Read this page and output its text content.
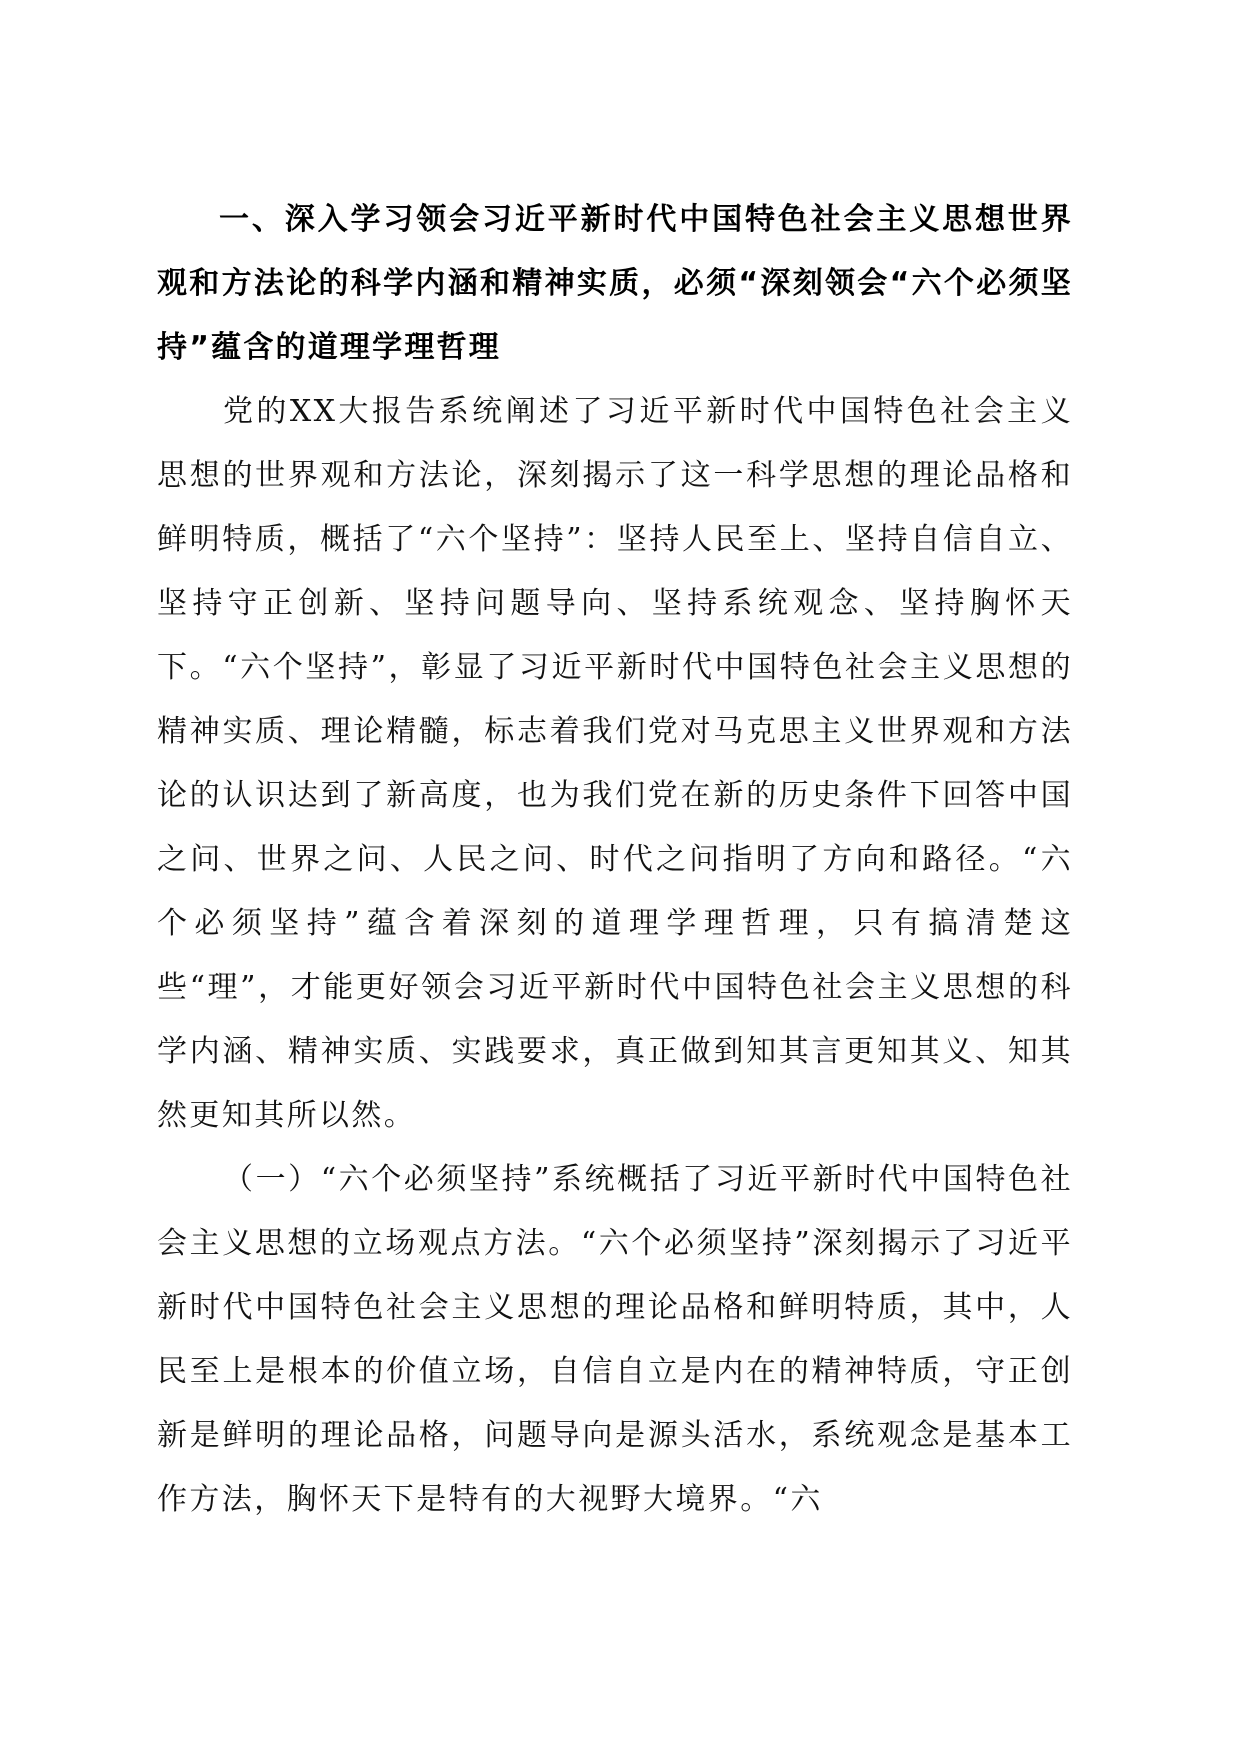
一、深入学习领会习近平新时代中国特色社会主义思想世界观和方法论的科学内涵和精神实质，必须“深刻领会“六个必须坚持”蕴含的道理学理哲理

党的XX大报告系统阐述了习近平新时代中国特色社会主义思想的世界观和方法论，深刻揭示了这一科学思想的理论品格和鲜明特质，概括了“六个坚持”：坚持人民至上、坚持自信自立、坚持守正创新、坚持问题导向、坚持系统观念、坚持胸怀天下。“六个坚持”，彰显了习近平新时代中国特色社会主义思想的精神实质、理论精髓，标志着我们党对马克思主义世界观和方法论的认识达到了新高度，也为我们党在新的历史条件下回答中国之问、世界之问、人民之问、时代之问指明了方向和路径。“六个必须坚持”蕴含着深刻的道理学理哲理，只有搞清楚这些“理”，才能更好领会习近平新时代中国特色社会主义思想的科学内涵、精神实质、实践要求，真正做到知其言更知其义、知其然更知其所以然。

（一）“六个必须坚持”系统概括了习近平新时代中国特色社会主义思想的立场观点方法。“六个必须坚持”深刻揭示了习近平新时代中国特色社会主义思想的理论品格和鲜明特质，其中，人民至上是根本的价值立场，自信自立是内在的精神特质，守正创新是鲜明的理论品格，问题导向是源头活水，系统观念是基本工作方法，胸怀天下是特有的大视野大境界。“六
